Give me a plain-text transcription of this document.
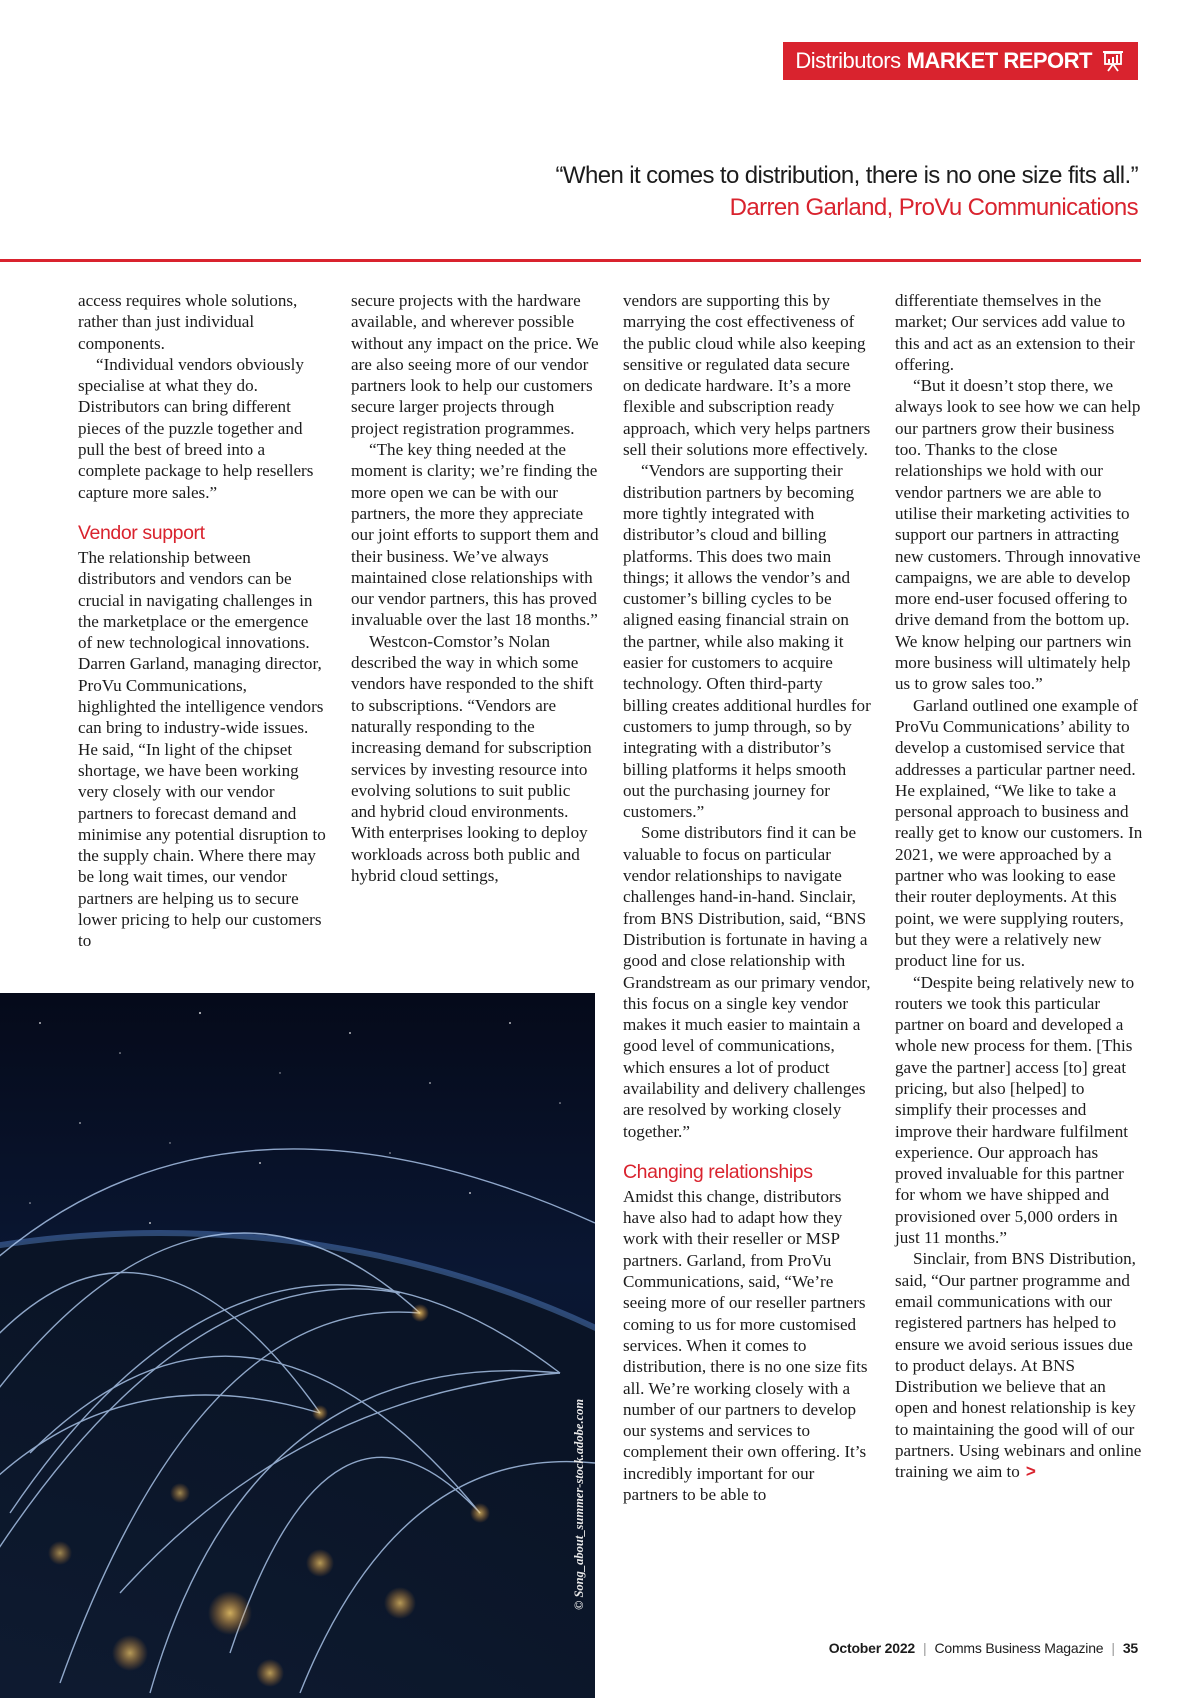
Distributors MARKET REPORT
“When it comes to distribution, there is no one size fits all.”
Darren Garland, ProVu Communications

access requires whole solutions, rather than just individual components.

“Individual vendors obviously specialise at what they do. Distributors can bring different pieces of the puzzle together and pull the best of breed into a complete package to help resellers capture more sales.”

Vendor support

The relationship between distributors and vendors can be crucial in navigating challenges in the marketplace or the emergence of new technological innovations. Darren Garland, managing director, ProVu Communications, highlighted the intelligence vendors can bring to industry-wide issues. He said, “In light of the chipset shortage, we have been working very closely with our vendor partners to forecast demand and minimise any potential disruption to the supply chain. Where there may be long wait times, our vendor partners are helping us to secure lower pricing to help our customers to

secure projects with the hardware available, and wherever possible without any impact on the price. We are also seeing more of our vendor partners look to help our customers secure larger projects through project registration programmes.

“The key thing needed at the moment is clarity; we’re finding the more open we can be with our partners, the more they appreciate our joint efforts to support them and their business. We’ve always maintained close relationships with our vendor partners, this has proved invaluable over the last 18 months.”

Westcon-Comstor’s Nolan described the way in which some vendors have responded to the shift to subscriptions. “Vendors are naturally responding to the increasing demand for subscription services by investing resource into evolving solutions to suit public and hybrid cloud environments. With enterprises looking to deploy workloads across both public and hybrid cloud settings,

vendors are supporting this by marrying the cost effectiveness of the public cloud while also keeping sensitive or regulated data secure on dedicate hardware. It’s a more flexible and subscription ready approach, which very helps partners sell their solutions more effectively.

“Vendors are supporting their distribution partners by becoming more tightly integrated with distributor’s cloud and billing platforms. This does two main things; it allows the vendor’s and customer’s billing cycles to be aligned easing financial strain on the partner, while also making it easier for customers to acquire technology. Often third-party billing creates additional hurdles for customers to jump through, so by integrating with a distributor’s billing platforms it helps smooth out the purchasing journey for customers.”

Some distributors find it can be valuable to focus on particular vendor relationships to navigate challenges hand-in-hand. Sinclair, from BNS Distribution, said, “BNS Distribution is fortunate in having a good and close relationship with Grandstream as our primary vendor, this focus on a single key vendor makes it much easier to maintain a good level of communications, which ensures a lot of product availability and delivery challenges are resolved by working closely together.”

Changing relationships

Amidst this change, distributors have also had to adapt how they work with their reseller or MSP partners. Garland, from ProVu Communications, said, “We’re seeing more of our reseller partners coming to us for more customised services. When it comes to distribution, there is no one size fits all. We’re working closely with a number of our partners to develop our systems and services to complement their own offering. It’s incredibly important for our partners to be able to

differentiate themselves in the market; Our services add value to this and act as an extension to their offering.

“But it doesn’t stop there, we always look to see how we can help our partners grow their business too. Thanks to the close relationships we hold with our vendor partners we are able to utilise their marketing activities to support our partners in attracting new customers. Through innovative campaigns, we are able to develop more end-user focused offering to drive demand from the bottom up. We know helping our partners win more business will ultimately help us to grow sales too.”

Garland outlined one example of ProVu Communications’ ability to develop a customised service that addresses a particular partner need. He explained, “We like to take a personal approach to business and really get to know our customers. In 2021, we were approached by a partner who was looking to ease their router deployments. At this point, we were supplying routers, but they were a relatively new product line for us.

“Despite being relatively new to routers we took this particular partner on board and developed a whole new process for them. [This gave the partner] access [to] great pricing, but also [helped] to simplify their processes and improve their hardware fulfilment experience. Our approach has proved invaluable for this partner for whom we have shipped and provisioned over 5,000 orders in just 11 months.”

Sinclair, from BNS Distribution, said, “Our partner programme and email communications with our registered partners has helped to ensure we avoid serious issues due to product delays. At BNS Distribution we believe that an open and honest relationship is key to maintaining the good will of our partners. Using webinars and online training we aim to >

© Song_about_summer-stock.adobe.com
October 2022 | Comms Business Magazine | 35
